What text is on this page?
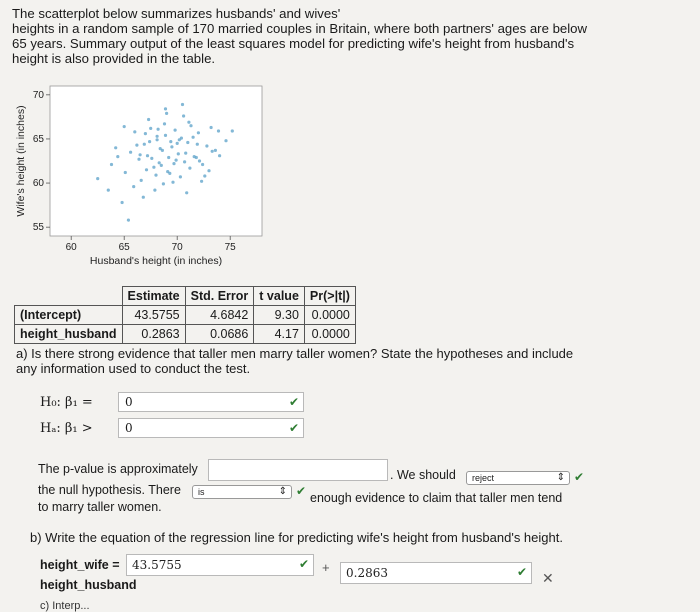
The scatterplot below summarizes husbands' and wives'
heights in a random sample of 170 married couples in Britain, where both partners' ages are below
65 years. Summary output of the least squares model for predicting wife's height from husband's
height is also provided in the table.
60	65	70	75
55
60
65
70
Husband's height (in inches)
Wife's height (in inches)
	Estimate	Std. Error	t value	Pr(>|t|)
(Intercept)	43.5755	4.6842	9.30	0.0000
height_husband	0.2863	0.0686	4.17	0.0000
a) Is there strong evidence that taller men marry taller women? State the hypotheses and include
any information used to conduct the test.
H₀: β₁ =	0	✔
Hₐ: β₁ >	0	✔
The p-value is approximately	. We should	reject	⇕ ✔
the null hypothesis. There	is	⇕ ✔ enough evidence to claim that taller men tend
to marry taller women.
b) Write the equation of the regression line for predicting wife's height from husband's height.
height_wife =	43.5755	✔ +	0.2863	✔ ✕
height_husband
c) Interp...
